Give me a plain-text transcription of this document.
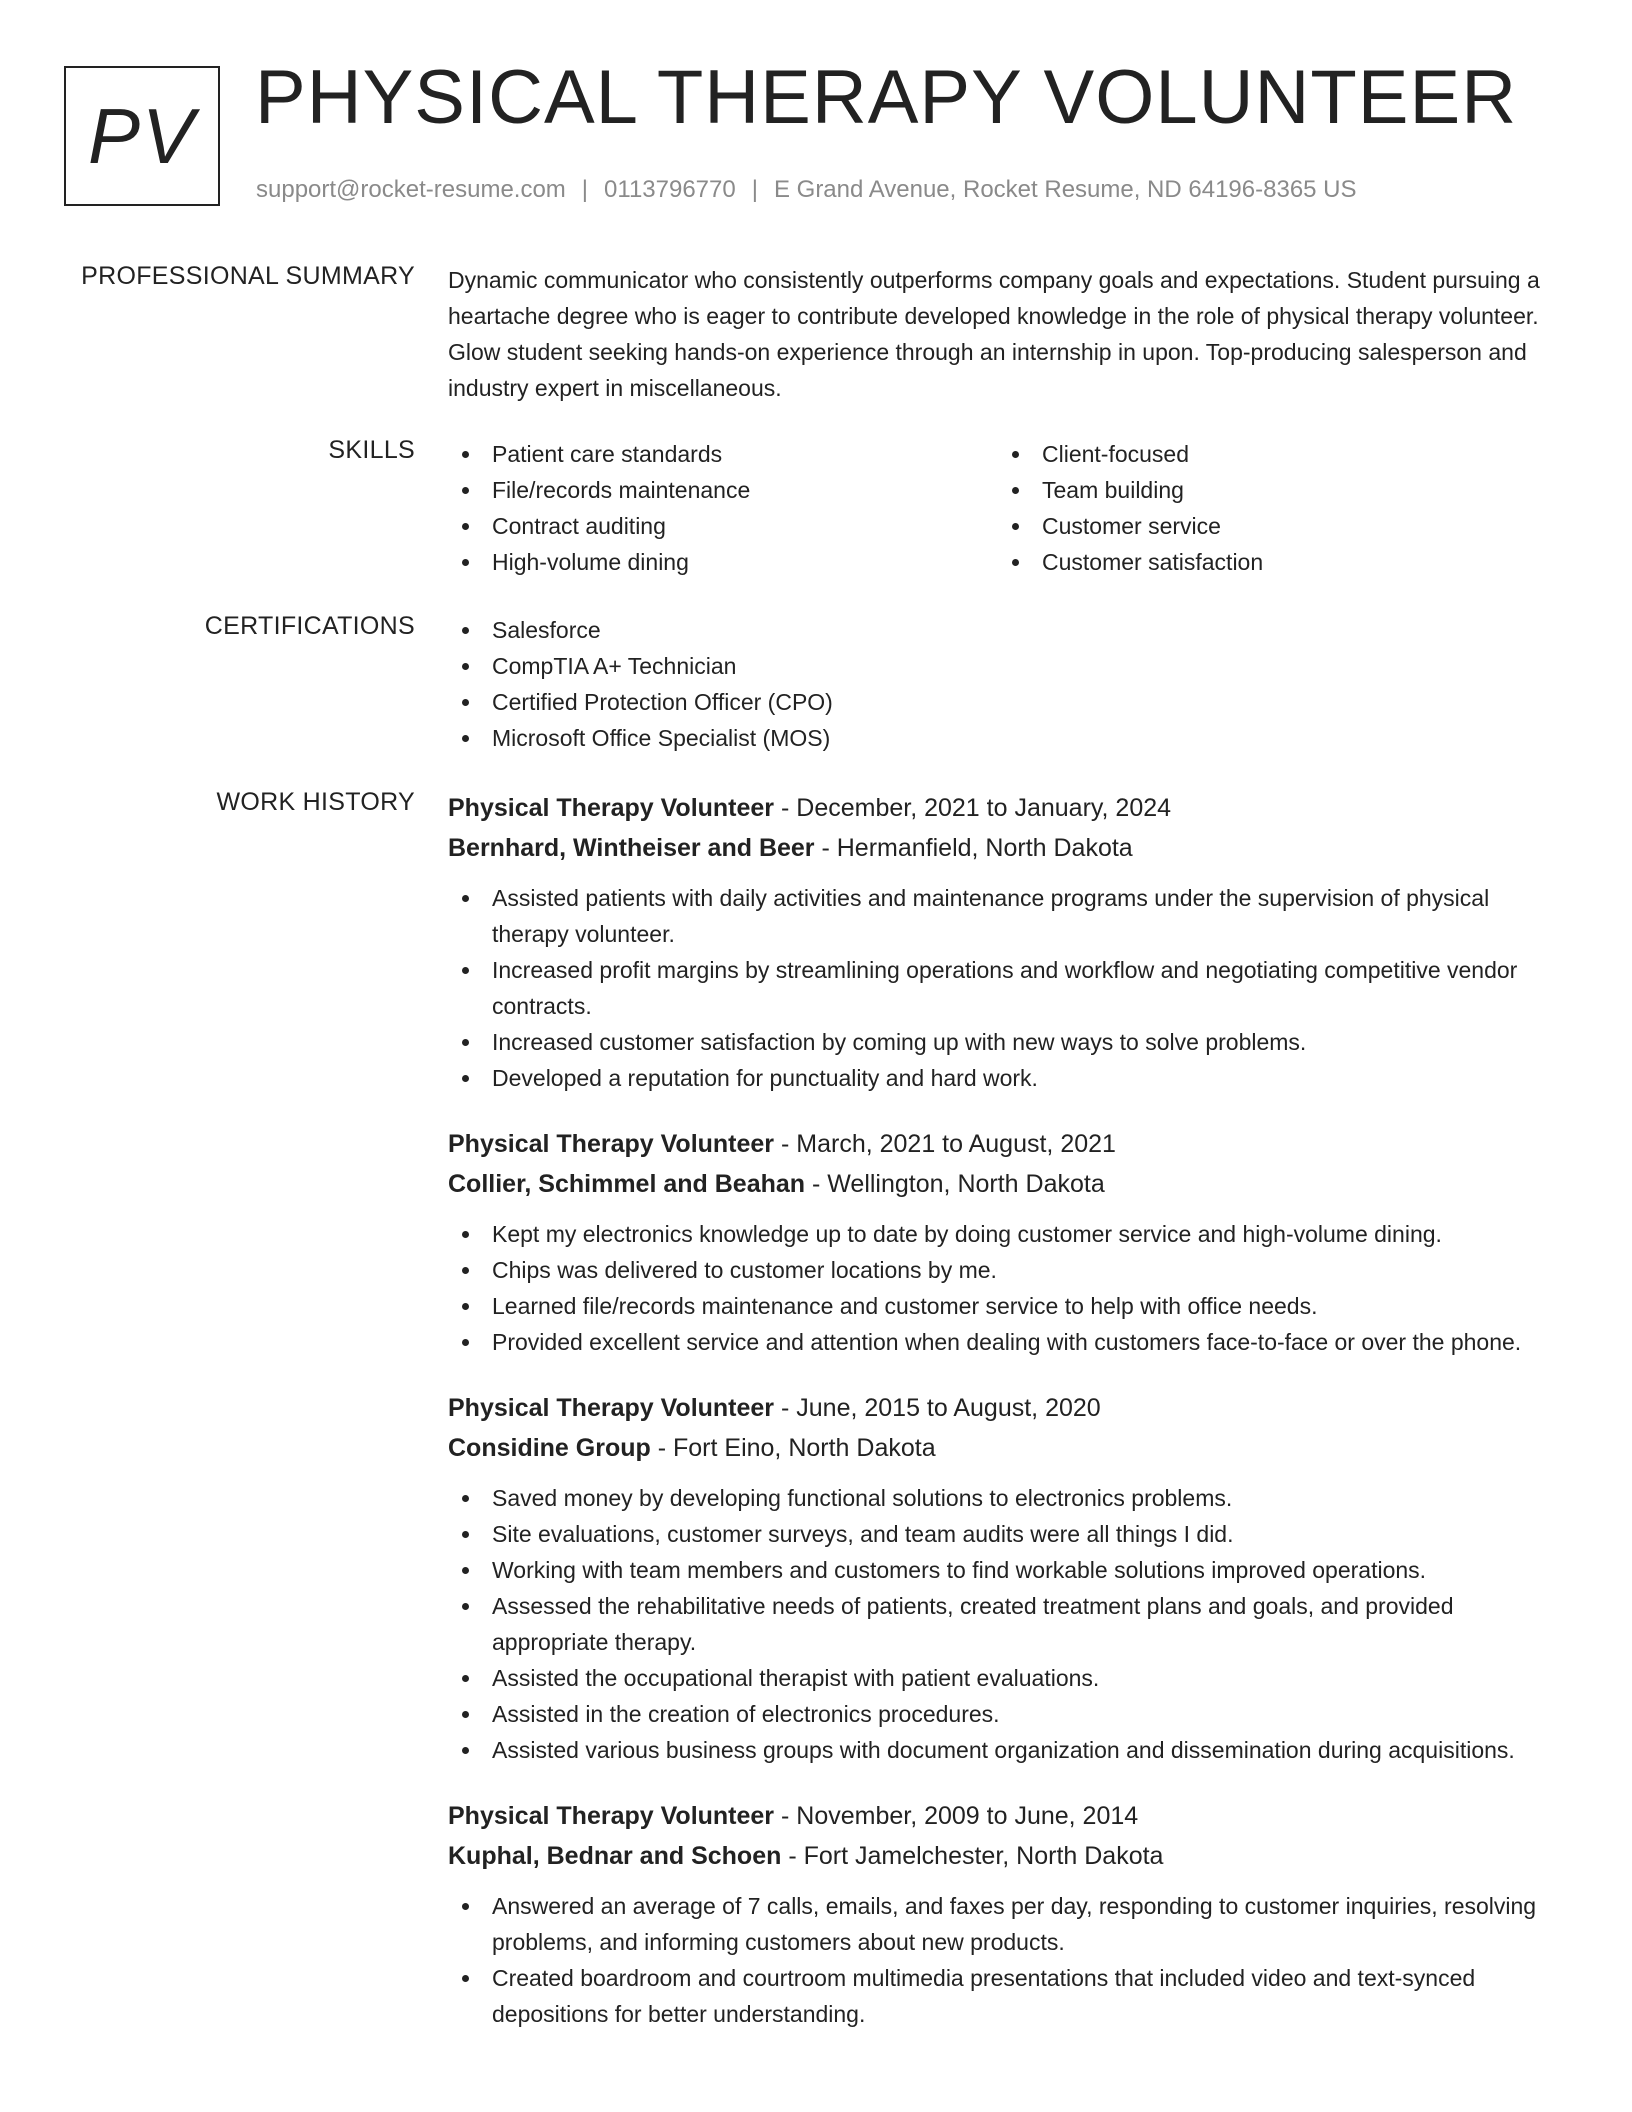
PV PHYSICAL THERAPY VOLUNTEER
support@rocket-resume.com | 0113796770 | E Grand Avenue, Rocket Resume, ND 64196-8365 US
PROFESSIONAL SUMMARY Dynamic communicator who consistently outperforms company goals and expectations. Student pursuing a heartache degree who is eager to contribute developed knowledge in the role of physical therapy volunteer. Glow student seeking hands-on experience through an internship in upon. Top-producing salesperson and industry expert in miscellaneous.

SKILLS	Patient care standards
File/records maintenance
Contract auditing
High-volume dining
Client-focused
Team building
Customer service
Customer satisfaction
CERTIFICATIONS	Salesforce
CompTIA A+ Technician
Certified Protection Officer (CPO)
Microsoft Office Specialist (MOS)
WORK HISTORY Physical Therapy Volunteer - December, 2021 to January, 2024
Bernhard, Wintheiser and Beer - Hermanfield, North Dakota
Assisted patients with daily activities and maintenance programs under the supervision of physical therapy volunteer.
Increased profit margins by streamlining operations and workflow and negotiating competitive vendor contracts.
Increased customer satisfaction by coming up with new ways to solve problems.
Developed a reputation for punctuality and hard work.
Physical Therapy Volunteer - March, 2021 to August, 2021
Collier, Schimmel and Beahan - Wellington, North Dakota
Kept my electronics knowledge up to date by doing customer service and high-volume dining.
Chips was delivered to customer locations by me.
Learned file/records maintenance and customer service to help with office needs.
Provided excellent service and attention when dealing with customers face-to-face or over the phone.
Physical Therapy Volunteer - June, 2015 to August, 2020
Considine Group - Fort Eino, North Dakota
Saved money by developing functional solutions to electronics problems.
Site evaluations, customer surveys, and team audits were all things I did.
Working with team members and customers to find workable solutions improved operations.
Assessed the rehabilitative needs of patients, created treatment plans and goals, and provided appropriate therapy.
Assisted the occupational therapist with patient evaluations.
Assisted in the creation of electronics procedures.
Assisted various business groups with document organization and dissemination during acquisitions.
Physical Therapy Volunteer - November, 2009 to June, 2014
Kuphal, Bednar and Schoen - Fort Jamelchester, North Dakota
Answered an average of 7 calls, emails, and faxes per day, responding to customer inquiries, resolving problems, and informing customers about new products.
Created boardroom and courtroom multimedia presentations that included video and text-synced depositions for better understanding.
